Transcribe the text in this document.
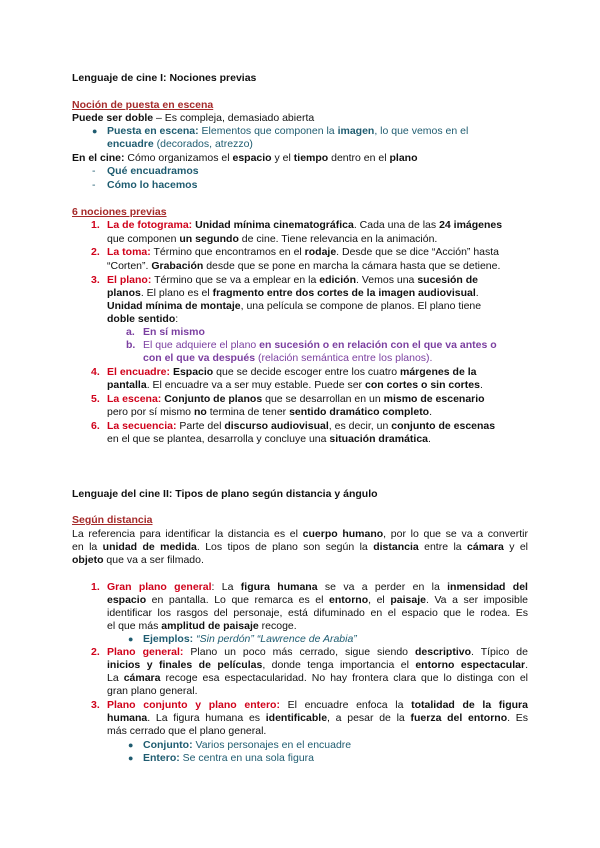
Lenguaje de cine I: Nociones previas
Noción de puesta en escena
Puede ser doble – Es compleja, demasiado abierta
● Puesta en escena: Elementos que componen la imagen, lo que vemos en el
encuadre (decorados, atrezzo)
En el cine: Cómo organizamos el espacio y el tiempo dentro en el plano
- Qué encuadramos
- Cómo lo hacemos
6 nociones previas
1. La de fotograma: Unidad mínima cinematográfica. Cada una de las 24 imágenes
que componen un segundo de cine. Tiene relevancia en la animación.
2. La toma: Término que encontramos en el rodaje. Desde que se dice “Acción” hasta
“Corten”. Grabación desde que se pone en marcha la cámara hasta que se detiene.
3. El plano: Término que se va a emplear en la edición. Vemos una sucesión de
planos. El plano es el fragmento entre dos cortes de la imagen audiovisual.
Unidad mínima de montaje, una película se compone de planos. El plano tiene
doble sentido:
a. En sí mismo
b. El que adquiere el plano en sucesión o en relación con el que va antes o
con el que va después (relación semántica entre los planos).
4. El encuadre: Espacio que se decide escoger entre los cuatro márgenes de la
pantalla. El encuadre va a ser muy estable. Puede ser con cortes o sin cortes.
5. La escena: Conjunto de planos que se desarrollan en un mismo de escenario
pero por sí mismo no termina de tener sentido dramático completo.
6. La secuencia: Parte del discurso audiovisual, es decir, un conjunto de escenas
en el que se plantea, desarrolla y concluye una situación dramática.
Lenguaje del cine II: Tipos de plano según distancia y ángulo
Según distancia
La referencia para identificar la distancia es el cuerpo humano, por lo que se va a convertir
en la unidad de medida. Los tipos de plano son según la distancia entre la cámara y el
objeto que va a ser filmado.
1. Gran plano general: La figura humana se va a perder en la inmensidad del
espacio en pantalla. Lo que remarca es el entorno, el paisaje. Va a ser imposible
identificar los rasgos del personaje, está difuminado en el espacio que le rodea. Es
el que más amplitud de paisaje recoge.
● Ejemplos: “Sin perdón” “Lawrence de Arabia”
2. Plano general: Plano un poco más cerrado, sigue siendo descriptivo. Típico de
inicios y finales de películas, donde tenga importancia el entorno espectacular.
La cámara recoge esa espectacularidad. No hay frontera clara que lo distinga con el
gran plano general.
3. Plano conjunto y plano entero: El encuadre enfoca la totalidad de la figura
humana. La figura humana es identificable, a pesar de la fuerza del entorno. Es
más cerrado que el plano general.
● Conjunto: Varios personajes en el encuadre
● Entero: Se centra en una sola figura
